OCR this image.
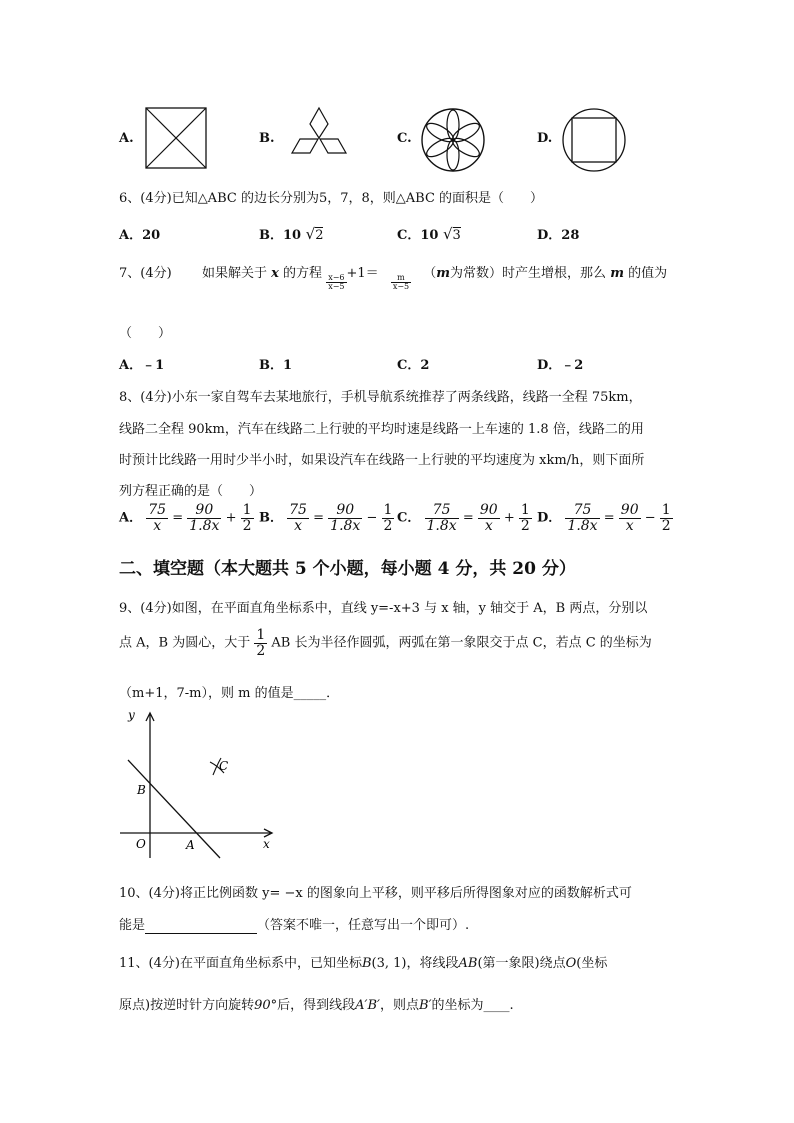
A.	B.	C.	D.
6、(4分)已知△ABC 的边长分别为5，7，8，则△ABC 的面积是（　　）
A．20	B．10 √2	C．10 √3	D．28
7、(4分) 如果解关于 x 的方程
$\frac{x-6}{x-5}$
+1＝
$\frac{m}{x-5}$
（m为常数）时产生增根，那么 m 的值为
（　　）
A．﹣1	B．1	C．2	D．﹣2
8、(4分)小东一家自驾车去某地旅行，手机导航系统推荐了两条线路，线路一全程 75km，
线路二全程 90km，汽车在线路二上行驶的平均时速是线路一上车速的 1.8 倍，线路二的用
时预计比线路一用时少半小时，如果设汽车在线路一上行驶的平均速度为 xkm/h，则下面所
列方程正确的是（　　）
A． $\frac{75}{x} = \frac{90}{1.8x} + \frac{1}{2}$ B． $\frac{75}{x} = \frac{90}{1.8x} - \frac{1}{2}$ C． $\frac{75}{1.8x} = \frac{90}{x} + \frac{1}{2}$ D． $\frac{75}{1.8x} = \frac{90}{x} - \frac{1}{2}$
二、填空题（本大题共 5 个小题，每小题 4 分，共 20 分）
9、(4分)如图，在平面直角坐标系中，直线 y=-x+3 与 x 轴，y 轴交于 A，B 两点，分别以
点 A，B 为圆心，大于 $\frac{1}{2}$ AB 长为半径作圆弧，两弧在第一象限交于点 C，若点 C 的坐标为
（m+1，7-m），则 m 的值是_____．
y
x
O	A
B
C
10、(4分)将正比例函数 y= −x 的图象向上平移，则平移后所得图象对应的函数解析式可
能是	（答案不唯一，任意写出一个即可）.
11、(4分)在平面直角坐标系中，已知坐标B(3, 1)，将线段AB(第一象限)绕点O(坐标
原点)按逆时针方向旋转90°后，得到线段A′B′，则点B′的坐标为____.
